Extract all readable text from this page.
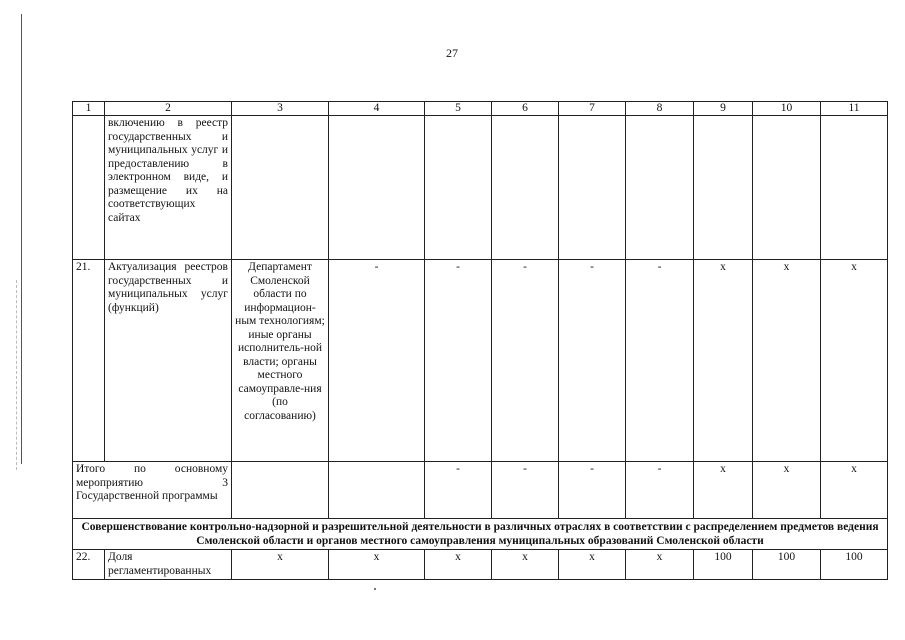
27
1	2	3	4	5	6	7	8	9	10	11
	включению в реестр государственных и муниципальных услуг и предоставлению в электронном виде, и размещение их на соответствующих сайтах									
21.	Актуализация реестров государственных и муниципальных услуг (функций)	Департамент Смоленской области по информацион-ным технологиям; иные органы исполнитель-ной власти; органы местного самоуправле-ния (по согласованию)	-	-	-	-	-	х	х	х
Итого по основному мероприятию 3 Государственной программы				-	-	-	-	х	х	х
Совершенствование контрольно-надзорной и разрешительной деятельности в различных отраслях в соответствии с распределением предметов ведения Смоленской области и органов местного самоуправления муниципальных образований Смоленской области										
22.	Доля регламентированных	х	х	х	х	х	х	100	100	100
